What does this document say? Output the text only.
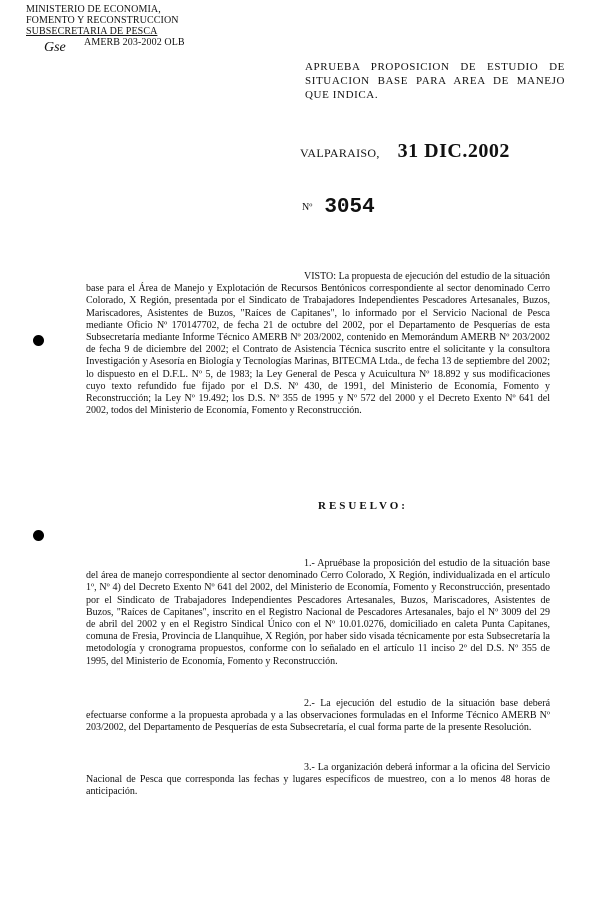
MINISTERIO DE ECONOMIA,
FOMENTO Y RECONSTRUCCION
SUBSECRETARIA DE PESCA
AMERB 203-2002 OLB
Gse
APRUEBA PROPOSICION DE ESTUDIO DE SITUACION BASE PARA AREA DE MANEJO QUE INDICA.
VALPARAISO, 31 DIC.2002
Nº 3054
VISTO: La propuesta de ejecución del estudio de la situación base para el Área de Manejo y Explotación de Recursos Bentónicos correspondiente al sector denominado Cerro Colorado, X Región, presentada por el Sindicato de Trabajadores Independientes Pescadores Artesanales, Buzos, Mariscadores, Asistentes de Buzos, "Raíces de Capitanes", lo informado por el Servicio Nacional de Pesca mediante Oficio Nº 170147702, de fecha 21 de octubre del 2002, por el Departamento de Pesquerías de esta Subsecretaría mediante Informe Técnico AMERB Nº 203/2002, contenido en Memorándum AMERB Nº 203/2002 de fecha 9 de diciembre del 2002; el Contrato de Asistencia Técnica suscrito entre el solicitante y la consultora Investigación y Asesoría en Biología y Tecnologías Marinas, BITECMA Ltda., de fecha 13 de septiembre del 2002; lo dispuesto en el D.F.L. Nº 5, de 1983; la Ley General de Pesca y Acuicultura Nº 18.892 y sus modificaciones cuyo texto refundido fue fijado por el D.S. Nº 430, de 1991, del Ministerio de Economía, Fomento y Reconstrucción; la Ley Nº 19.492; los D.S. Nº 355 de 1995 y Nº 572 del 2000 y el Decreto Exento Nº 641 del 2002, todos del Ministerio de Economía, Fomento y Reconstrucción.
RESUELVO:
1.- Apruébase la proposición del estudio de la situación base del área de manejo correspondiente al sector denominado Cerro Colorado, X Región, individualizada en el artículo 1º, Nº 4) del Decreto Exento Nº 641 del 2002, del Ministerio de Economía, Fomento y Reconstrucción, presentado por el Sindicato de Trabajadores Independientes Pescadores Artesanales, Buzos, Mariscadores, Asistentes de Buzos, "Raíces de Capitanes", inscrito en el Registro Nacional de Pescadores Artesanales, bajo el Nº 3009 del 29 de abril del 2002 y en el Registro Sindical Único con el Nº 10.01.0276, domiciliado en caleta Punta Capitanes, comuna de Fresia, Provincia de Llanquihue, X Región, por haber sido visada técnicamente por esta Subsecretaría la metodología y cronograma propuestos, conforme con lo señalado en el artículo 11 inciso 2º del D.S. Nº 355 de 1995, del Ministerio de Economía, Fomento y Reconstrucción.
2.- La ejecución del estudio de la situación base deberá efectuarse conforme a la propuesta aprobada y a las observaciones formuladas en el Informe Técnico AMERB Nº 203/2002, del Departamento de Pesquerías de esta Subsecretaría, el cual forma parte de la presente Resolución.
3.- La organización deberá informar a la oficina del Servicio Nacional de Pesca que corresponda las fechas y lugares específicos de muestreo, con a lo menos 48 horas de anticipación.
